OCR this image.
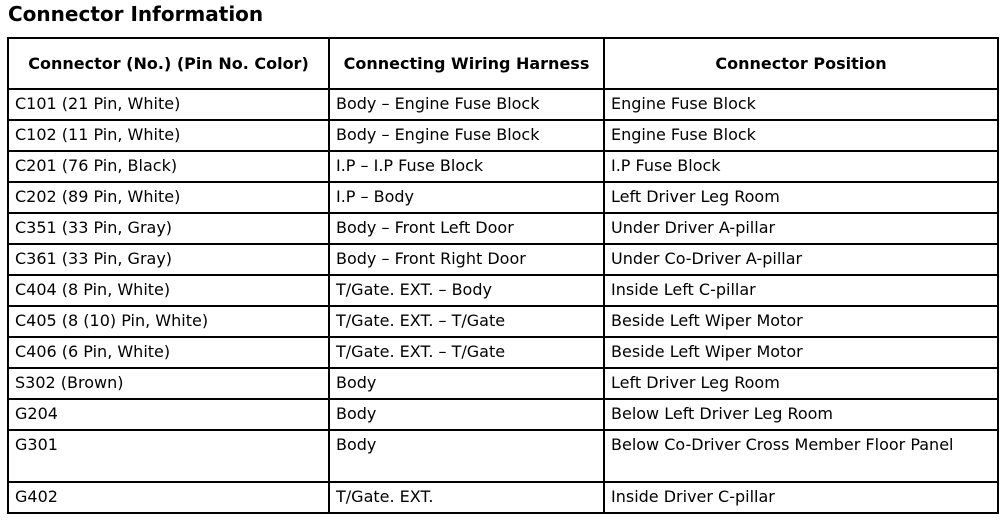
Connector Information
Connector (No.) (Pin No. Color)	Connecting Wiring Harness	Connector Position
C101 (21 Pin, White)	Body – Engine Fuse Block	Engine Fuse Block
C102 (11 Pin, White)	Body – Engine Fuse Block	Engine Fuse Block
C201 (76 Pin, Black)	I.P – I.P Fuse Block	I.P Fuse Block
C202 (89 Pin, White)	I.P – Body	Left Driver Leg Room
C351 (33 Pin, Gray)	Body – Front Left Door	Under Driver A-pillar
C361 (33 Pin, Gray)	Body – Front Right Door	Under Co-Driver A-pillar
C404 (8 Pin, White)	T/Gate. EXT. – Body	Inside Left C-pillar
C405 (8 (10) Pin, White)	T/Gate. EXT. – T/Gate	Beside Left Wiper Motor
C406 (6 Pin, White)	T/Gate. EXT. – T/Gate	Beside Left Wiper Motor
S302 (Brown)	Body	Left Driver Leg Room
G204	Body	Below Left Driver Leg Room
G301	Body	Below Co-Driver Cross Member Floor Panel
G402	T/Gate. EXT.	Inside Driver C-pillar
